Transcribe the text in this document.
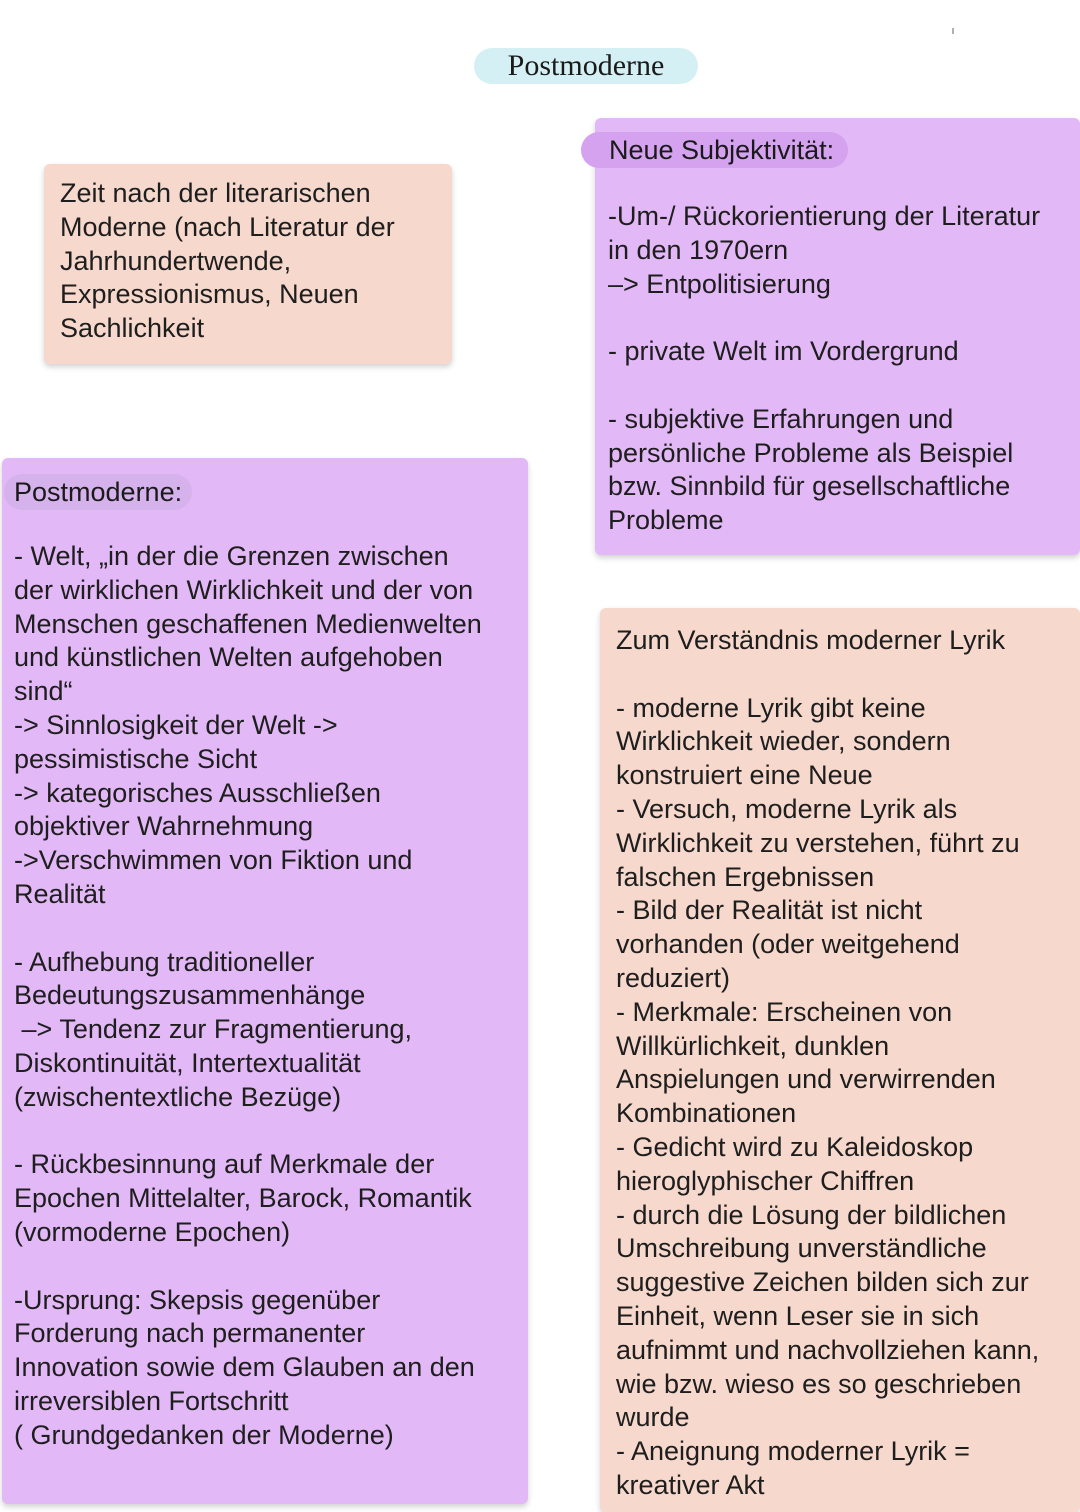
Postmoderne

Zeit nach der literarischen
Moderne (nach Literatur der
Jahrhundertwende,
Expressionismus, Neuen
Sachlichkeit

Postmoderne:

- Welt, „in der die Grenzen zwischen
der wirklichen Wirklichkeit und der von
Menschen geschaffenen Medienwelten
und künstlichen Welten aufgehoben
sind“
-> Sinnlosigkeit der Welt ->
pessimistische Sicht
-> kategorisches Ausschließen
objektiver Wahrnehmung
->Verschwimmen von Fiktion und
Realität

- Aufhebung traditioneller
Bedeutungszusammenhänge
–> Tendenz zur Fragmentierung,
Diskontinuität, Intertextualität
(zwischentextliche Bezüge)

- Rückbesinnung auf Merkmale der
Epochen Mittelalter, Barock, Romantik
(vormoderne Epochen)

-Ursprung: Skepsis gegenüber
Forderung nach permanenter
Innovation sowie dem Glauben an den
irreversiblen Fortschritt
( Grundgedanken der Moderne)

Neue Subjektivität:

-Um-/ Rückorientierung der Literatur
in den 1970ern
–> Entpolitisierung

- private Welt im Vordergrund

- subjektive Erfahrungen und
persönliche Probleme als Beispiel
bzw. Sinnbild für gesellschaftliche
Probleme

Zum Verständnis moderner Lyrik

- moderne Lyrik gibt keine
Wirklichkeit wieder, sondern
konstruiert eine Neue
- Versuch, moderne Lyrik als
Wirklichkeit zu verstehen, führt zu
falschen Ergebnissen
- Bild der Realität ist nicht
vorhanden (oder weitgehend
reduziert)
- Merkmale: Erscheinen von
Willkürlichkeit, dunklen
Anspielungen und verwirrenden
Kombinationen
- Gedicht wird zu Kaleidoskop
hieroglyphischer Chiffren
- durch die Lösung der bildlichen
Umschreibung unverständliche
suggestive Zeichen bilden sich zur
Einheit, wenn Leser sie in sich
aufnimmt und nachvollziehen kann,
wie bzw. wieso es so geschrieben
wurde
- Aneignung moderner Lyrik =
kreativer Akt
